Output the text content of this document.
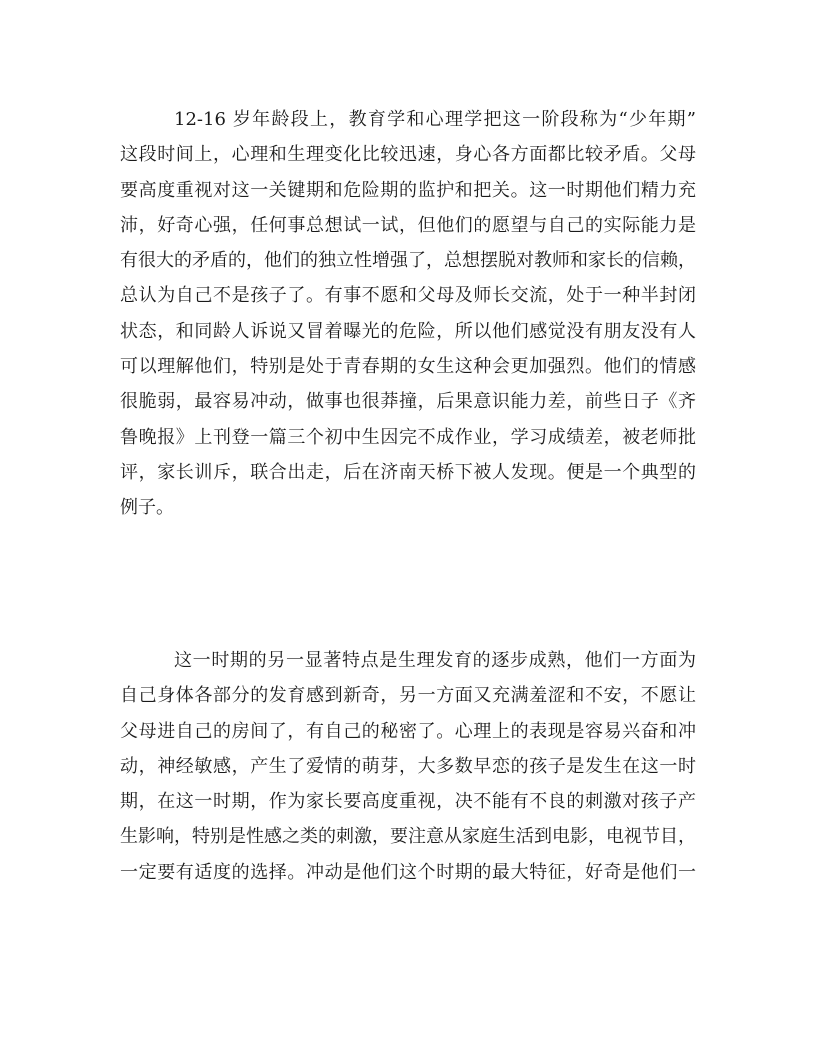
12-16 岁年龄段上，教育学和心理学把这一阶段称为“少年期”
这段时间上，心理和生理变化比较迅速，身心各方面都比较矛盾。父母
要高度重视对这一关键期和危险期的监护和把关。这一时期他们精力充
沛，好奇心强，任何事总想试一试，但他们的愿望与自己的实际能力是
有很大的矛盾的，他们的独立性增强了，总想摆脱对教师和家长的信赖，
总认为自己不是孩子了。有事不愿和父母及师长交流，处于一种半封闭
状态，和同龄人诉说又冒着曝光的危险，所以他们感觉没有朋友没有人
可以理解他们，特别是处于青春期的女生这种会更加强烈。他们的情感
很脆弱，最容易冲动，做事也很莽撞，后果意识能力差，前些日子《齐
鲁晚报》上刊登一篇三个初中生因完不成作业，学习成绩差，被老师批
评，家长训斥，联合出走，后在济南天桥下被人发现。便是一个典型的
例子。
这一时期的另一显著特点是生理发育的逐步成熟，他们一方面为
自己身体各部分的发育感到新奇，另一方面又充满羞涩和不安，不愿让
父母进自己的房间了，有自己的秘密了。心理上的表现是容易兴奋和冲
动，神经敏感，产生了爱情的萌芽，大多数早恋的孩子是发生在这一时
期，在这一时期，作为家长要高度重视，决不能有不良的刺激对孩子产
生影响，特别是性感之类的刺激，要注意从家庭生活到电影，电视节目，
一定要有适度的选择。冲动是他们这个时期的最大特征，好奇是他们一
